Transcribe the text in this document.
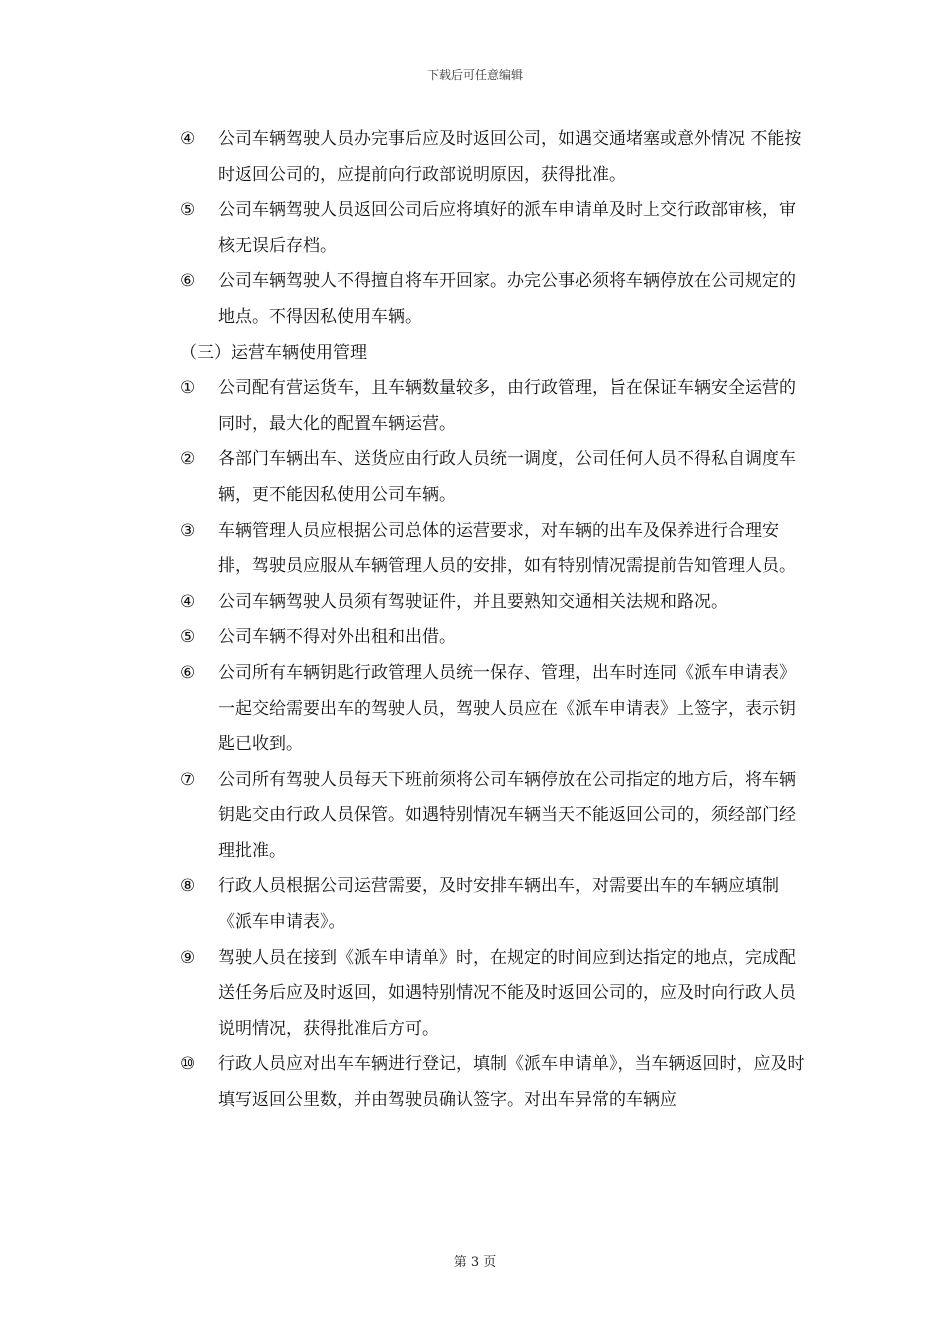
下载后可任意编辑
④	公司车辆驾驶人员办完事后应及时返回公司，如遇交通堵塞或意外情况 不能按时返回公司的，应提前向行政部说明原因，获得批准。
⑤	公司车辆驾驶人员返回公司后应将填好的派车申请单及时上交行政部审核，审核无误后存档。
⑥	公司车辆驾驶人不得擅自将车开回家。办完公事必须将车辆停放在公司规定的地点。不得因私使用车辆。
（三）运营车辆使用管理
①	公司配有营运货车，且车辆数量较多，由行政管理，旨在保证车辆安全运营的同时，最大化的配置车辆运营。
②	各部门车辆出车、送货应由行政人员统一调度，公司任何人员不得私自调度车辆，更不能因私使用公司车辆。
③	车辆管理人员应根据公司总体的运营要求，对车辆的出车及保养进行合理安排，驾驶员应服从车辆管理人员的安排，如有特别情况需提前告知管理人员。
④	公司车辆驾驶人员须有驾驶证件，并且要熟知交通相关法规和路况。
⑤	公司车辆不得对外出租和出借。
⑥	公司所有车辆钥匙行政管理人员统一保存、管理，出车时连同《派车申请表》一起交给需要出车的驾驶人员，驾驶人员应在《派车申请表》上签字，表示钥匙已收到。
⑦	公司所有驾驶人员每天下班前须将公司车辆停放在公司指定的地方后，将车辆钥匙交由行政人员保管。如遇特别情况车辆当天不能返回公司的，须经部门经理批准。
⑧	行政人员根据公司运营需要，及时安排车辆出车，对需要出车的车辆应填制《派车申请表》。
⑨	驾驶人员在接到《派车申请单》时，在规定的时间应到达指定的地点，完成配送任务后应及时返回，如遇特别情况不能及时返回公司的，应及时向行政人员说明情况，获得批准后方可。
⑩	行政人员应对出车车辆进行登记，填制《派车申请单》，当车辆返回时，应及时填写返回公里数，并由驾驶员确认签字。对出车异常的车辆应
第 3 页
